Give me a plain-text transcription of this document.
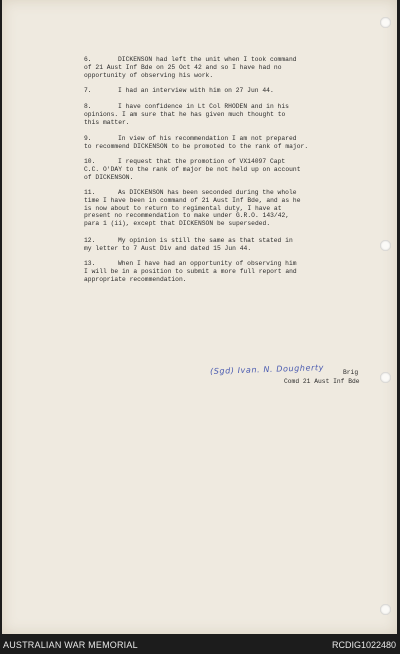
6.	DICKENSON had left the unit when I took command
of 21 Aust Inf Bde on 25 Oct 42 and so I have had no
opportunity of observing his work.
7.	I had an interview with him on 27 Jun 44.
8.	I have confidence in Lt Col RHODEN and in his
opinions. I am sure that he has given much thought to
this matter.
9.	In view of his recommendation I am not prepared
to recommend DICKENSON to be promoted to the rank of major.
10.	I request that the promotion of VX14097 Capt
C.C. O'DAY to the rank of major be not held up on account
of DICKENSON.
11.	As DICKENSON has been seconded during the whole
time I have been in command of 21 Aust Inf Bde, and as he
is now about to return to regimental duty, I have at
present no recommendation to make under G.R.O. 143/42,
para 1 (ii), except that DICKENSON be superseded.
12.	My opinion is still the same as that stated in
my letter to 7 Aust Div and dated 15 Jun 44.
13.	When I have had an opportunity of observing him
I will be in a position to submit a more full report and
appropriate recommendation.
(Sgd) Ivan. N. Dougherty	Brig
Comd 21 Aust Inf Bde
AUSTRALIAN WAR MEMORIAL	RCDIG1022480
